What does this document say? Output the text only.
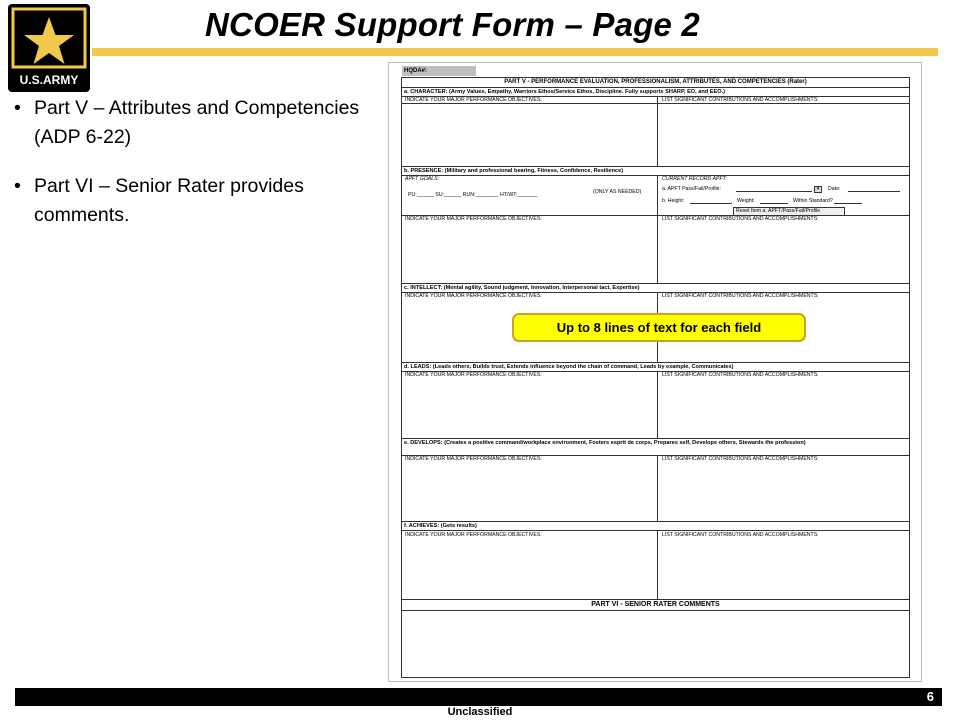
U.S.ARMY
NCOER Support Form – Page 2
• Part V – Attributes and Competencies (ADP 6-22)
• Part VI – Senior Rater provides comments.
HQDA#:
PART V - PERFORMANCE EVALUATION, PROFESSIONALISM, ATTRIBUTES, AND COMPETENCIES (Rater)
a. CHARACTER: (Army Values, Empathy, Warriors Ethos/Service Ethos, Discipline. Fully supports SHARP, EO, and EEO.)
INDICATE YOUR MAJOR PERFORMANCE OBJECTIVES:	LIST SIGNIFICANT CONTRIBUTIONS AND ACCOMPLISHMENTS:
b. PRESENCE: (Military and professional bearing, Fitness, Confidence, Resilience)
APFT GOALS:	CURRENT RECORD APFT:
PU:______ SU:______ RUN:________ HT/WT:_______	(ONLY AS NEEDED)	a. APFT Pass/Fail/Profile:	▾	Date:
b. Height:	Weight:	Within Standard?
Reset Item a. APFT/Pass/Fail/Profile
INDICATE YOUR MAJOR PERFORMANCE OBJECTIVES:	LIST SIGNIFICANT CONTRIBUTIONS AND ACCOMPLISHMENTS:
c. INTELLECT: (Mental agility, Sound judgment, Innovation, Interpersonal tact, Expertise)
INDICATE YOUR MAJOR PERFORMANCE OBJECTIVES:	LIST SIGNIFICANT CONTRIBUTIONS AND ACCOMPLISHMENTS:
d. LEADS: (Leads others, Builds trust, Extends influence beyond the chain of command, Leads by example, Communicates)
INDICATE YOUR MAJOR PERFORMANCE OBJECTIVES:	LIST SIGNIFICANT CONTRIBUTIONS AND ACCOMPLISHMENTS:
e. DEVELOPS: (Creates a positive command/workplace environment, Fosters esprit de corps, Prepares self, Develops others, Stewards the profession)
INDICATE YOUR MAJOR PERFORMANCE OBJECTIVES:	LIST SIGNIFICANT CONTRIBUTIONS AND ACCOMPLISHMENTS:
f. ACHIEVES: (Gets results)
INDICATE YOUR MAJOR PERFORMANCE OBJECTIVES:	LIST SIGNIFICANT CONTRIBUTIONS AND ACCOMPLISHMENTS:
PART VI - SENIOR RATER COMMENTS
Up to 8 lines of text for each field
6
Unclassified
